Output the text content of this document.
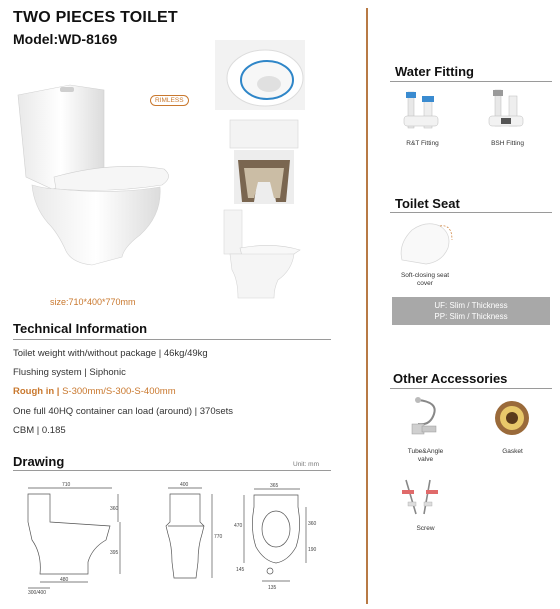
TWO PIECES TOILET
Model:WD-8169
RIMLESS
size:710*400*770mm
Technical Information
Toilet weight with/without package | 46kg/49kg
Flushing system | Siphonic
Rough in | S-300mm/S-300-S-400mm
One full 40HQ container can load (around) | 370sets
CBM | 0.185
Drawing	Unit: mm
710
360
395
480
300/400
400
770
365
470	360
190
145
135
Water Fitting
R&T Fitting	BSH Fitting
Toilet Seat
Soft-closing seat
cover
UF: Slim / Thickness
PP: Slim / Thickness
Other Accessories
Tube&Angle
valve
Gasket
Screw
